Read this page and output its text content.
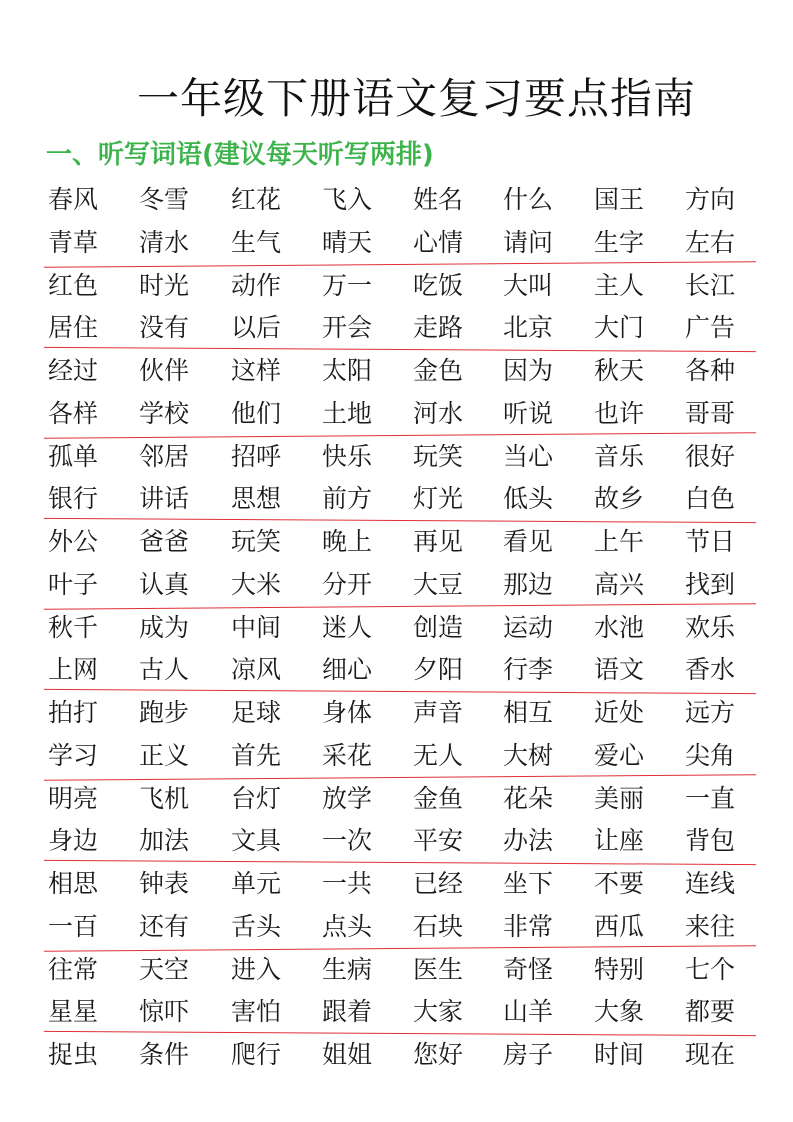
一年级下册语文复习要点指南
一、听写词语(建议每天听写两排)
春风	冬雪	红花	飞入	姓名	什么	国王	方向
青草	清水	生气	晴天	心情	请问	生字	左右
红色	时光	动作	万一	吃饭	大叫	主人	长江
居住	没有	以后	开会	走路	北京	大门	广告
经过	伙伴	这样	太阳	金色	因为	秋天	各种
各样	学校	他们	土地	河水	听说	也许	哥哥
孤单	邻居	招呼	快乐	玩笑	当心	音乐	很好
银行	讲话	思想	前方	灯光	低头	故乡	白色
外公	爸爸	玩笑	晚上	再见	看见	上午	节日
叶子	认真	大米	分开	大豆	那边	高兴	找到
秋千	成为	中间	迷人	创造	运动	水池	欢乐
上网	古人	凉风	细心	夕阳	行李	语文	香水
拍打	跑步	足球	身体	声音	相互	近处	远方
学习	正义	首先	采花	无人	大树	爱心	尖角
明亮	飞机	台灯	放学	金鱼	花朵	美丽	一直
身边	加法	文具	一次	平安	办法	让座	背包
相思	钟表	单元	一共	已经	坐下	不要	连线
一百	还有	舌头	点头	石块	非常	西瓜	来往
往常	天空	进入	生病	医生	奇怪	特别	七个
星星	惊吓	害怕	跟着	大家	山羊	大象	都要
捉虫	条件	爬行	姐姐	您好	房子	时间	现在
